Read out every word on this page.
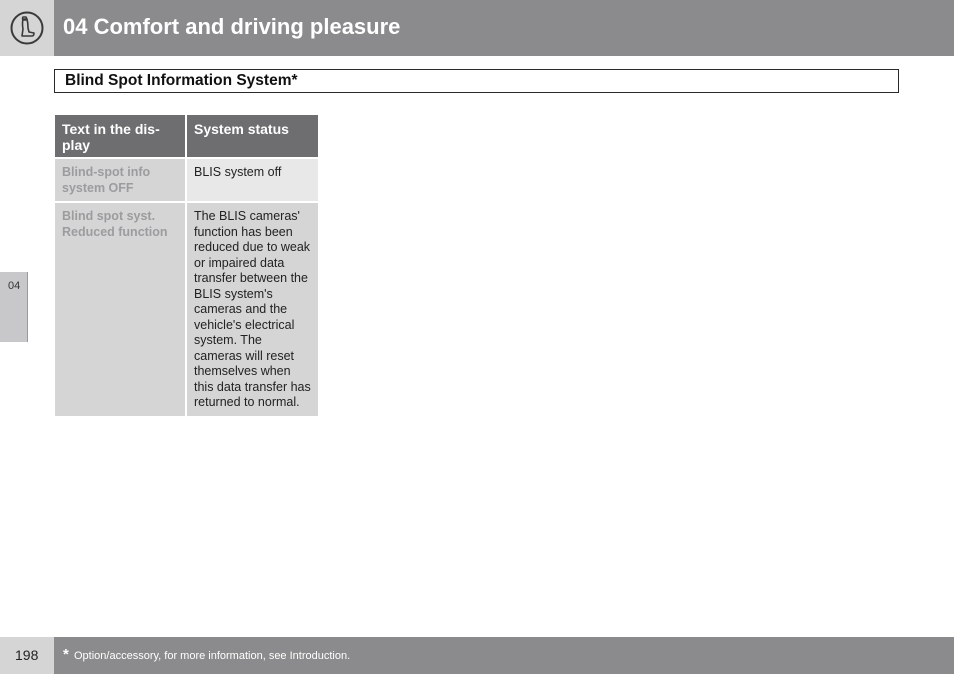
04 Comfort and driving pleasure
Blind Spot Information System*
04
Text in the dis-
play	System status
Blind-spot info system OFF	BLIS system off
Blind spot syst. Reduced function	The BLIS cameras' function has been reduced due to weak or impaired data transfer between the BLIS system's cameras and the vehicle's electrical system. The cameras will reset themselves when this data transfer has returned to normal.
198 * Option/accessory, for more information, see Introduction.
